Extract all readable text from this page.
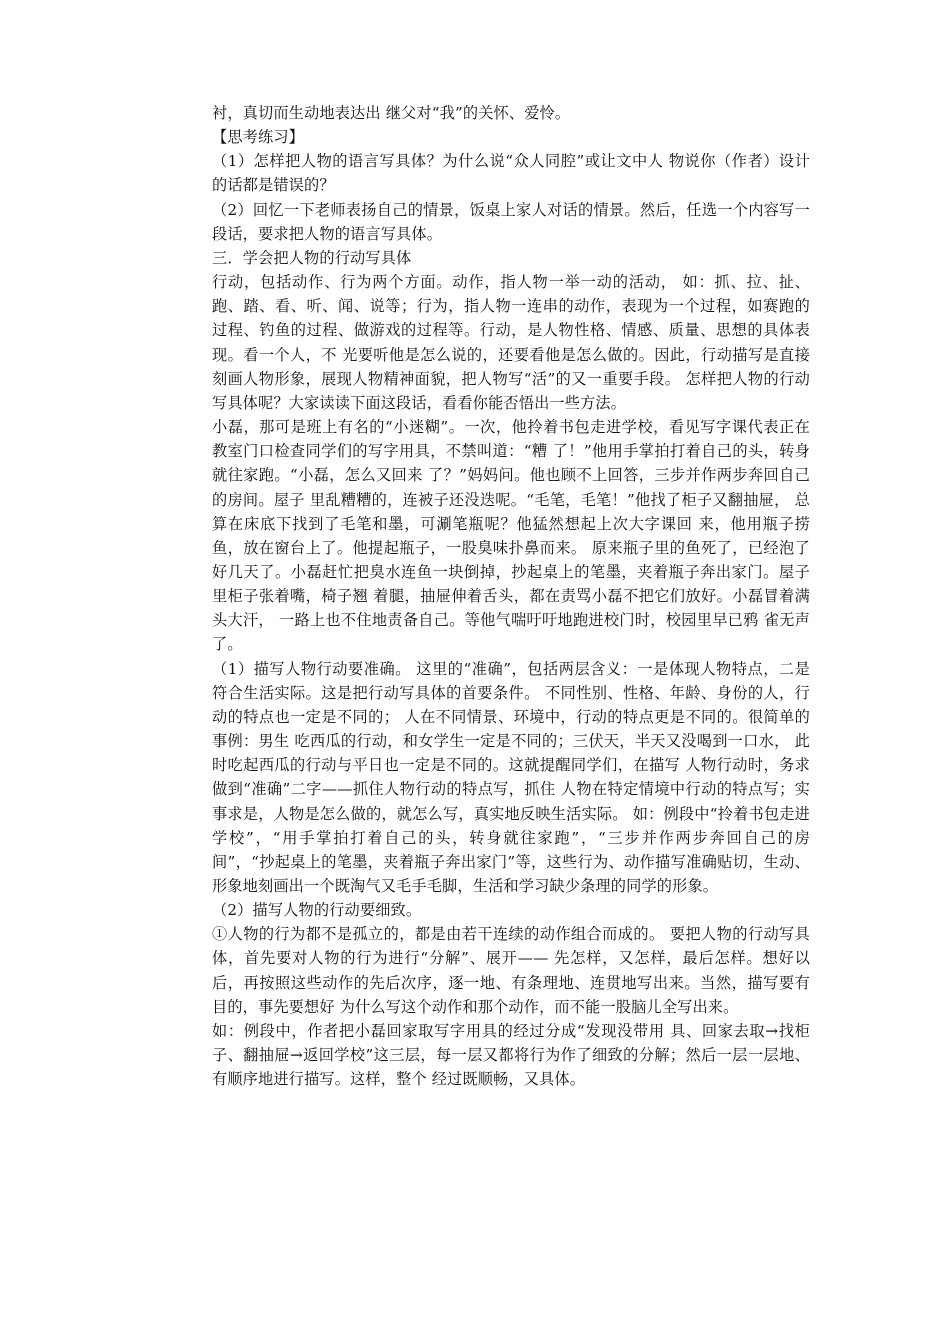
衬，真切而生动地表达出 继父对“我”的关怀、爱怜。

【思考练习】

（1）怎样把人物的语言写具体？为什么说“众人同腔”或让文中人 物说你（作者）设计的话都是错误的？

（2）回忆一下老师表扬自己的情景，饭桌上家人对话的情景。然后，任选一个内容写一段话，要求把人物的语言写具体。

三．学会把人物的行动写具体

行动，包括动作、行为两个方面。动作，指人物一举一动的活动， 如：抓、拉、扯、跑、踏、看、听、闻、说等；行为，指人物一连串的动作，表现为一个过程，如赛跑的过程、钓鱼的过程、做游戏的过程等。行动，是人物性格、情感、质量、思想的具体表现。看一个人，不 光要听他是怎么说的，还要看他是怎么做的。因此，行动描写是直接刻画人物形象，展现人物精神面貌，把人物写“活”的又一重要手段。 怎样把人物的行动写具体呢？大家读读下面这段话，看看你能否悟出一些方法。

小磊，那可是班上有名的“小迷糊”。一次，他拎着书包走进学校，看见写字课代表正在教室门口检查同学们的写字用具，不禁叫道：“糟 了！”他用手掌拍打着自己的头，转身就往家跑。“小磊，怎么又回来 了？”妈妈问。他也顾不上回答，三步并作两步奔回自己的房间。屋子 里乱糟糟的，连被子还没迭呢。“毛笔，毛笔！”他找了柜子又翻抽屉， 总算在床底下找到了毛笔和墨，可涮笔瓶呢？他猛然想起上次大字课回 来，他用瓶子捞鱼，放在窗台上了。他提起瓶子，一股臭味扑鼻而来。 原来瓶子里的鱼死了，已经泡了好几天了。小磊赶忙把臭水连鱼一块倒掉，抄起桌上的笔墨，夹着瓶子奔出家门。屋子里柜子张着嘴，椅子翘 着腿，抽屉伸着舌头，都在责骂小磊不把它们放好。小磊冒着满头大汗， 一路上也不住地责备自己。等他气喘吁吁地跑进校门时，校园里早已鸦 雀无声了。

（1）描写人物行动要准确。 这里的“准确”，包括两层含义：一是体现人物特点，二是符合生活实际。这是把行动写具体的首要条件。 不同性别、性格、年龄、身份的人，行动的特点也一定是不同的； 人在不同情景、环境中，行动的特点更是不同的。很简单的事例：男生 吃西瓜的行动，和女学生一定是不同的；三伏天，半天又没喝到一口水， 此时吃起西瓜的行动与平日也一定是不同的。这就提醒同学们，在描写 人物行动时，务求做到“准确”二字——抓住人物行动的特点写，抓住 人物在特定情境中行动的特点写；实事求是，人物是怎么做的，就怎么写，真实地反映生活实际。 如：例段中“拎着书包走进学校”，“用手掌拍打着自己的头，转身就往家跑”，“三步并作两步奔回自己的房间”，“抄起桌上的笔墨，夹着瓶子奔出家门”等，这些行为、动作描写准确贴切，生动、形象地刻画出一个既淘气又毛手毛脚，生活和学习缺少条理的同学的形象。

（2）描写人物的行动要细致。

①人物的行为都不是孤立的，都是由若干连续的动作组合而成的。 要把人物的行动写具体，首先要对人物的行为进行“分解”、展开—— 先怎样，又怎样，最后怎样。想好以后，再按照这些动作的先后次序，逐一地、有条理地、连贯地写出来。当然，描写要有目的，事先要想好 为什么写这个动作和那个动作，而不能一股脑儿全写出来。

如：例段中，作者把小磊回家取写字用具的经过分成“发现没带用 具、回家去取→找柜子、翻抽屉→返回学校”这三层，每一层又都将行为作了细致的分解；然后一层一层地、有顺序地进行描写。这样，整个 经过既顺畅，又具体。
